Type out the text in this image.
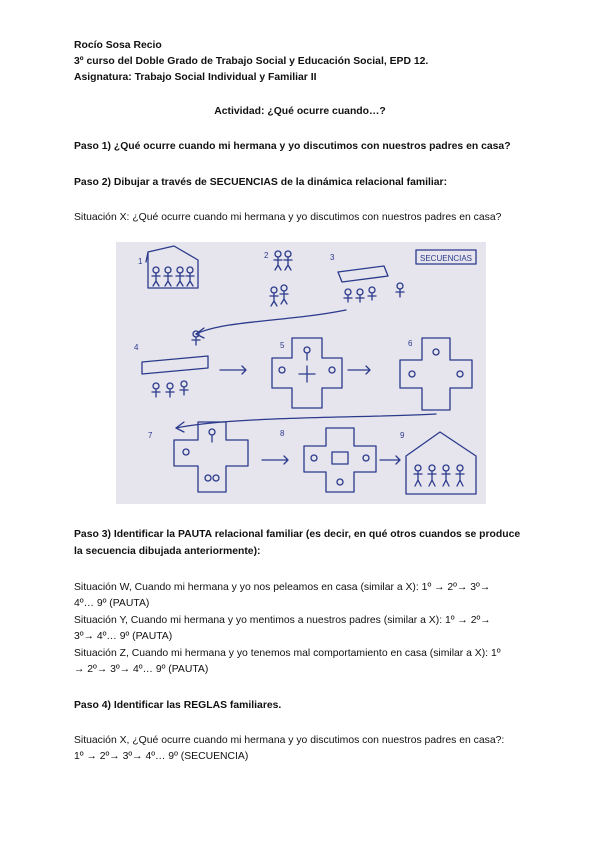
Rocío Sosa Recio
3º curso del Doble Grado de Trabajo Social y Educación Social, EPD 12.
Asignatura: Trabajo Social Individual y Familiar II
Actividad: ¿Qué ocurre cuando…?
Paso 1) ¿Qué ocurre cuando mi hermana y yo discutimos con nuestros padres en casa?
Paso 2) Dibujar a través de SECUENCIAS de la dinámica relacional familiar:
Situación X: ¿Qué ocurre cuando mi hermana y yo discutimos con nuestros padres en casa?
SECUENCIAS
1
2	3
4	5	6
7	8	9
Paso 3) Identificar la PAUTA relacional familiar (es decir, en qué otros cuandos se produce
la secuencia dibujada anteriormente):
Situación W, Cuando mi hermana y yo nos peleamos en casa (similar a X): 1º → 2º→ 3º→
4º… 9º (PAUTA)
Situación Y, Cuando mi hermana y yo mentimos a nuestros padres (similar a X): 1º → 2º→
3º→ 4º… 9º (PAUTA)
Situación Z, Cuando mi hermana y yo tenemos mal comportamiento en casa (similar a X): 1º
→ 2º→ 3º→ 4º… 9º (PAUTA)
Paso 4) Identificar las REGLAS familiares.
Situación X, ¿Qué ocurre cuando mi hermana y yo discutimos con nuestros padres en casa?:
1º → 2º→ 3º→ 4º… 9º (SECUENCIA)
